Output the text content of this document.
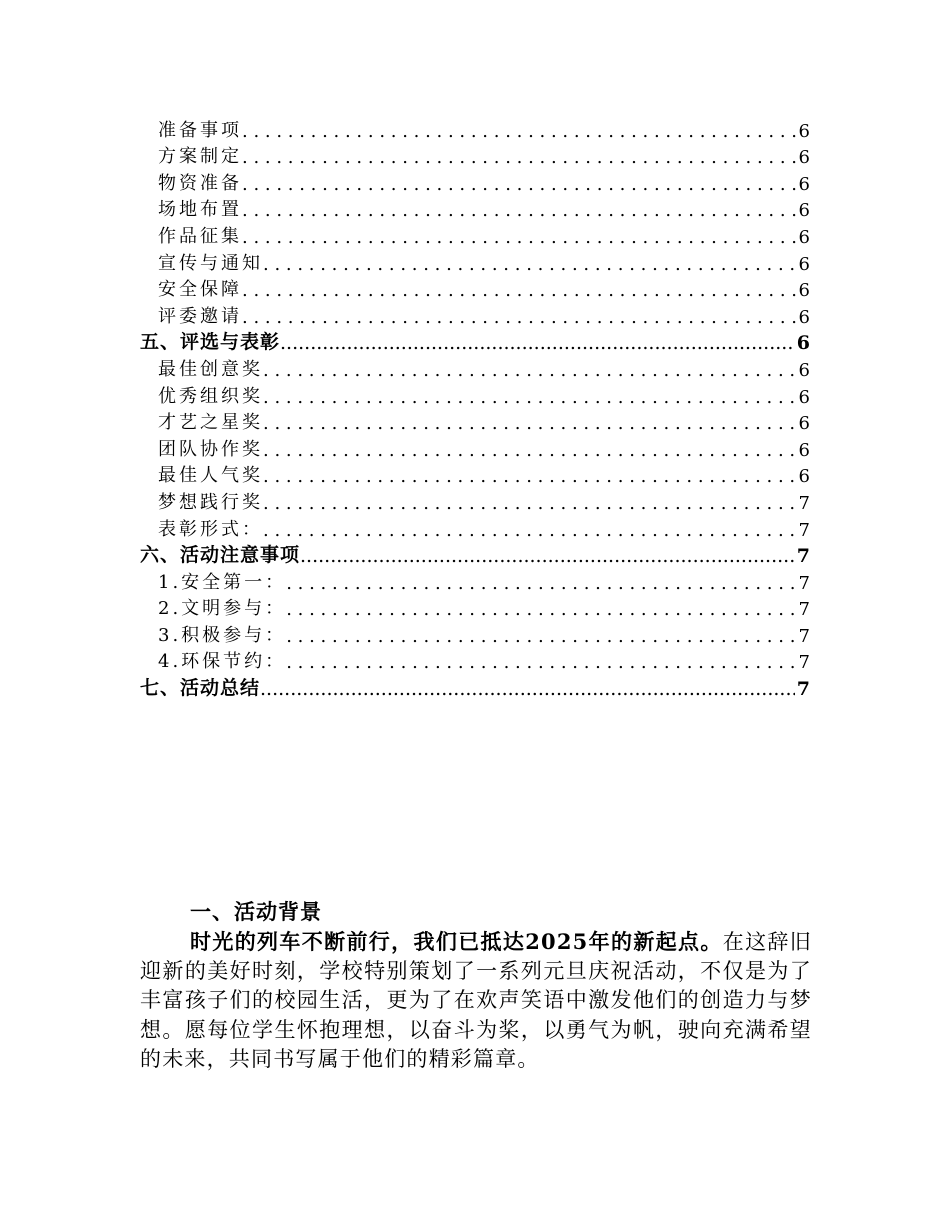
准备事项 . . .	6
方案制定 . . .	6
物资准备 . . .	6
场地布置 . . .	6
作品征集 . . .	6
宣传与通知 . . .	6
安全保障 . . .	6
评委邀请 . . .	6
五、评选与表彰 .....	6
最佳创意奖 . . .	6
优秀组织奖 . . .	6
才艺之星奖 . . .	6
团队协作奖 . . .	6
最佳人气奖 . . .	6
梦想践行奖 . . .	7
表彰形式： . . .	7
六、活动注意事项 .....	7
1.安全第一： . . .	7
2.文明参与： . . .	7
3.积极参与： . . .	7
4.环保节约： . . .	7
七、活动总结 .....	7
一、活动背景

时光的列车不断前行，我们已抵达2025年的新起点。在这辞旧迎新的美好时刻，学校特别策划了一系列元旦庆祝活动，不仅是为了丰富孩子们的校园生活，更为了在欢声笑语中激发他们的创造力与梦想。愿每位学生怀抱理想，以奋斗为桨，以勇气为帆，驶向充满希望的未来，共同书写属于他们的精彩篇章。
